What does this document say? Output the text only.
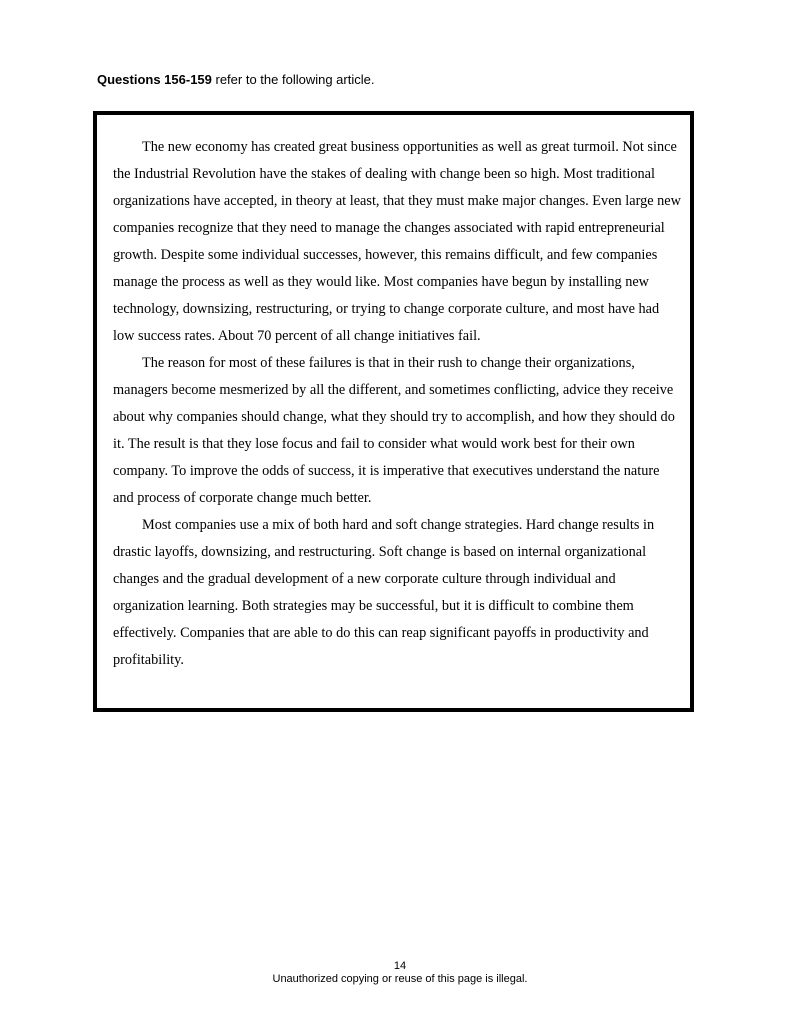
Questions 156-159 refer to the following article.

The new economy has created great business opportunities as well as great turmoil. Not since the Industrial Revolution have the stakes of dealing with change been so high. Most traditional organizations have accepted, in theory at least, that they must make major changes. Even large new companies recognize that they need to manage the changes associated with rapid entrepreneurial growth. Despite some individual successes, however, this remains difficult, and few companies manage the process as well as they would like. Most companies have begun by installing new technology, downsizing, restructuring, or trying to change corporate culture, and most have had low success rates. About 70 percent of all change initiatives fail.

The reason for most of these failures is that in their rush to change their organizations, managers become mesmerized by all the different, and sometimes conflicting, advice they receive about why companies should change, what they should try to accomplish, and how they should do it. The result is that they lose focus and fail to consider what would work best for their own company. To improve the odds of success, it is imperative that executives understand the nature and process of corporate change much better.

Most companies use a mix of both hard and soft change strategies. Hard change results in drastic layoffs, downsizing, and restructuring. Soft change is based on internal organizational changes and the gradual development of a new corporate culture through individual and organization learning. Both strategies may be successful, but it is difficult to combine them effectively. Companies that are able to do this can reap significant payoffs in productivity and profitability.

14
Unauthorized copying or reuse of this page is illegal.
